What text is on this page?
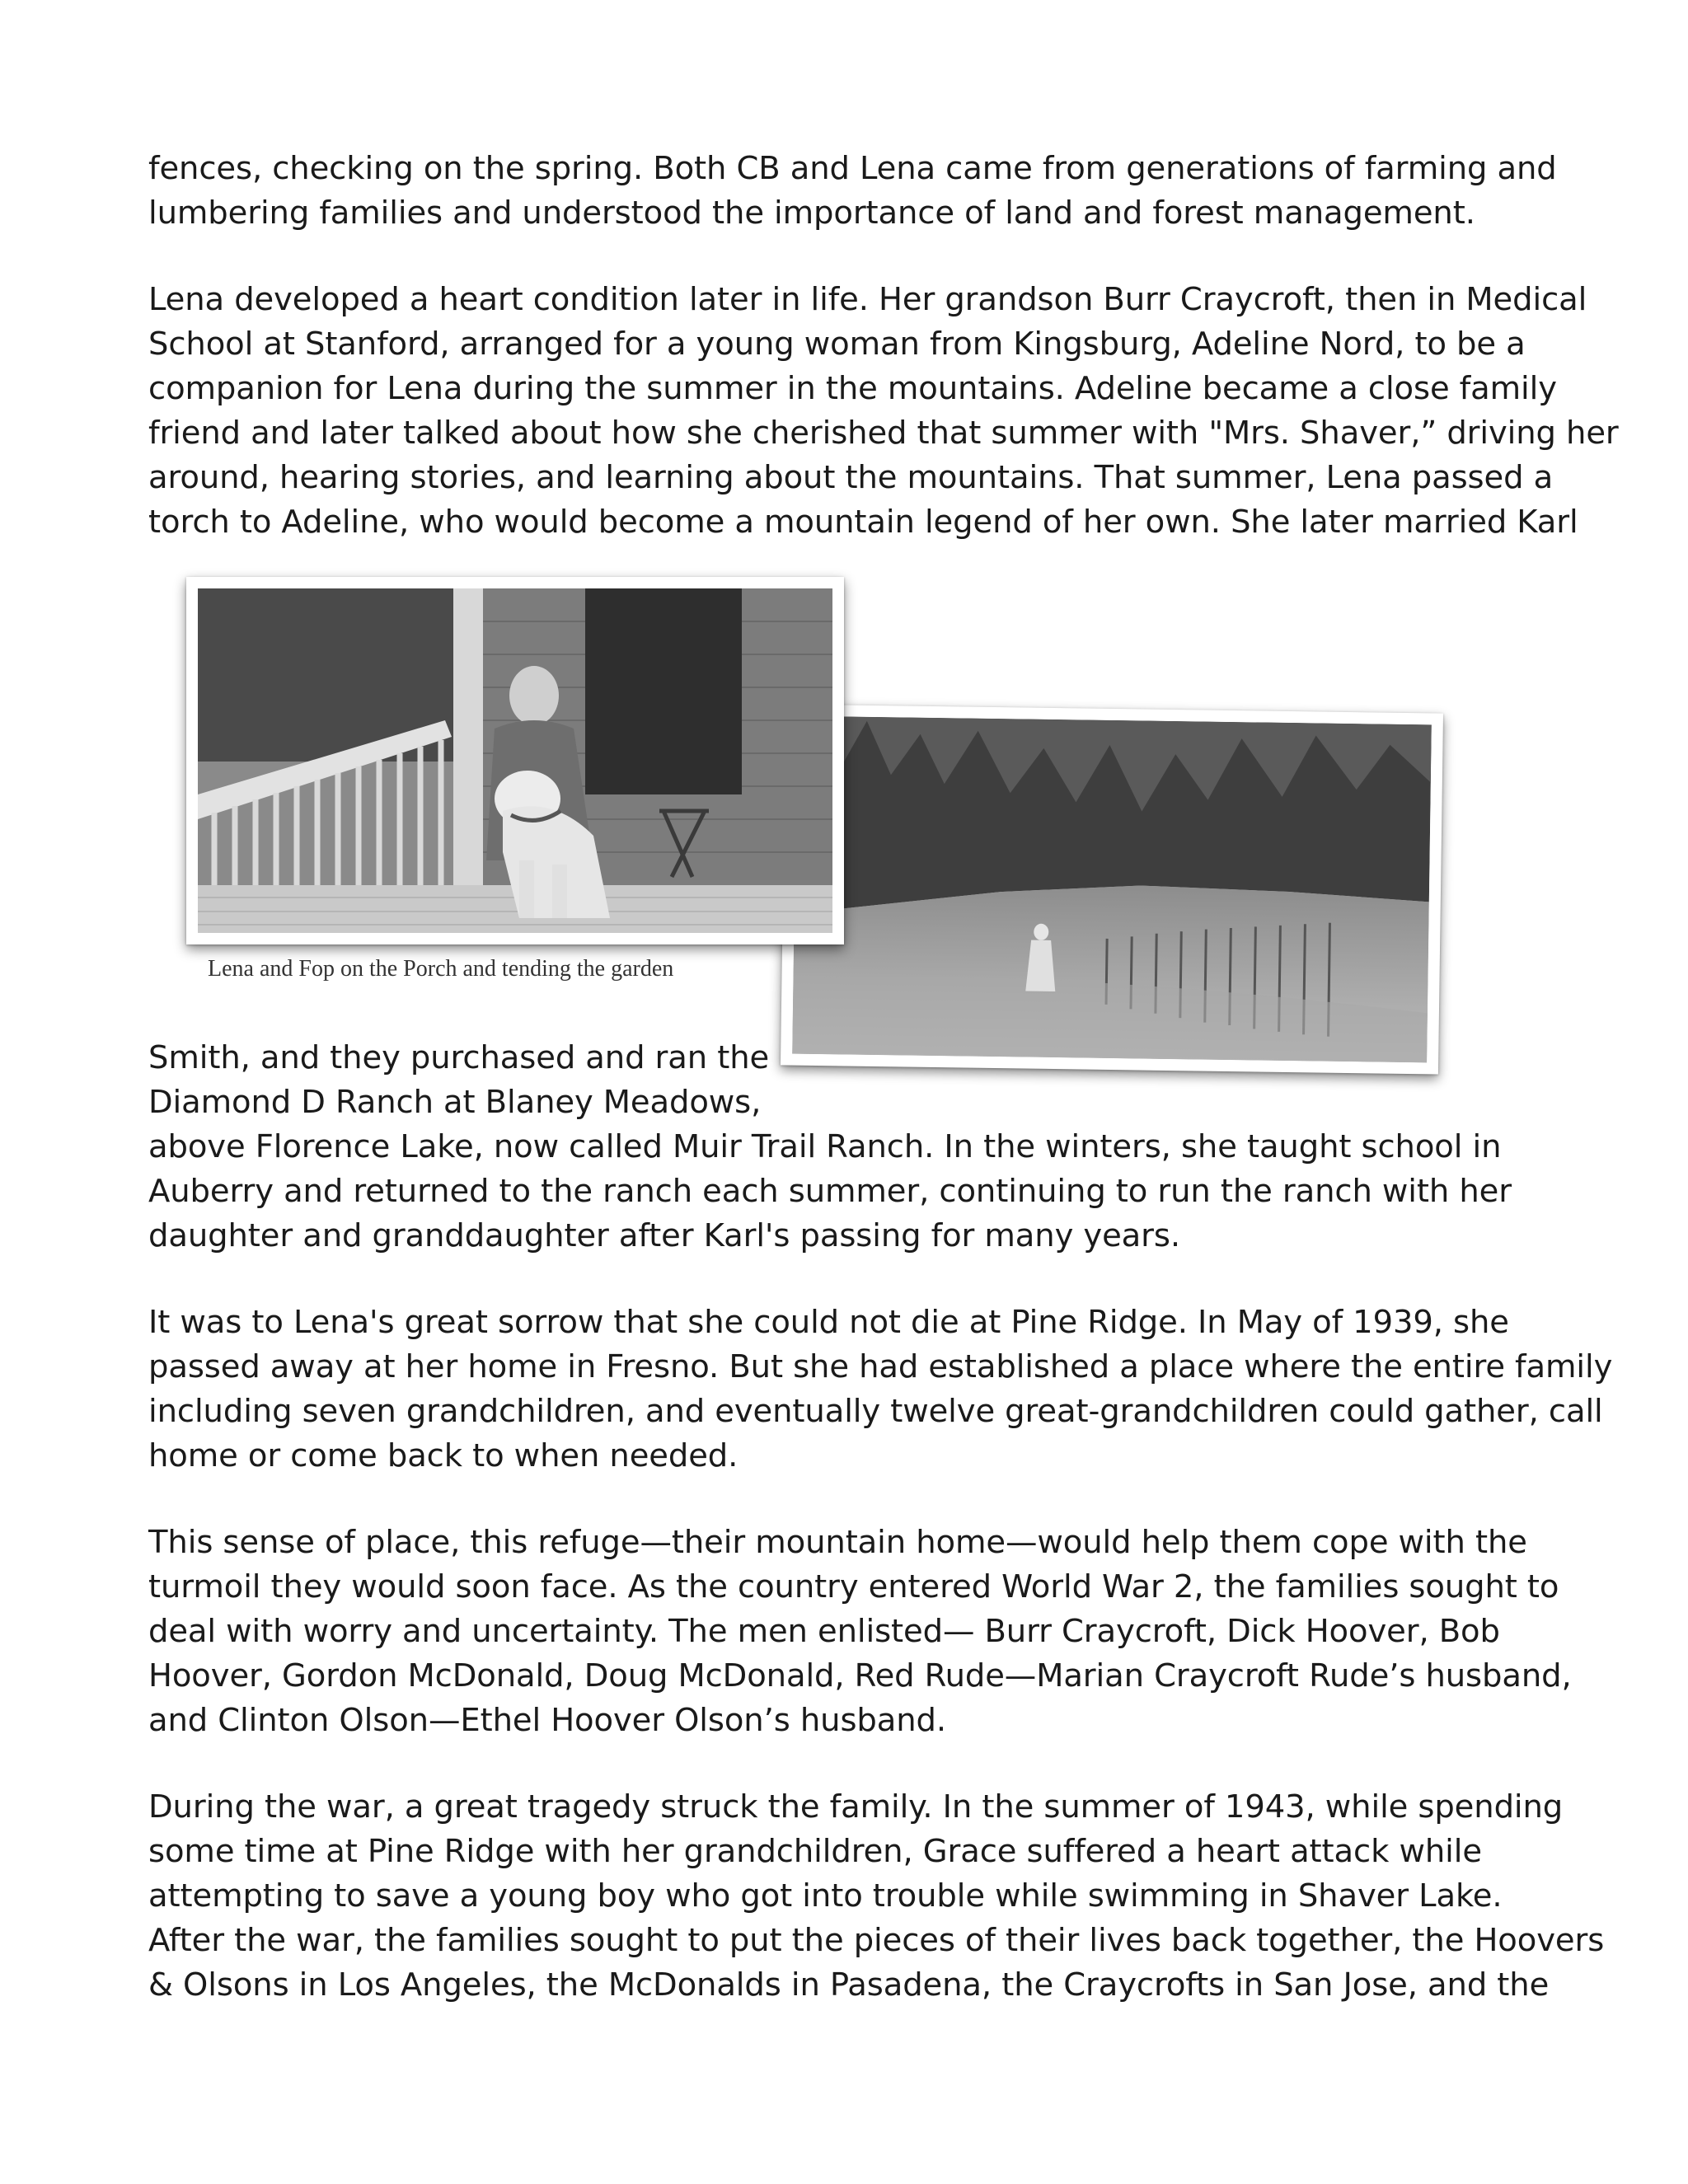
fences, checking on the spring. Both CB and Lena came from generations of farming and
lumbering families and understood the importance of land and forest management.
Lena developed a heart condition later in life. Her grandson Burr Craycroft, then in Medical
School at Stanford, arranged for a young woman from Kingsburg, Adeline Nord, to be a
companion for Lena during the summer in the mountains. Adeline became a close family
friend and later talked about how she cherished that summer with "Mrs. Shaver,” driving her
around, hearing stories, and learning about the mountains. That summer, Lena passed a
torch to Adeline, who would become a mountain legend of her own. She later married Karl
Lena and Fop on the Porch and tending the garden
Smith, and they purchased and ran the
Diamond D Ranch at Blaney Meadows,
above Florence Lake, now called Muir Trail Ranch. In the winters, she taught school in
Auberry and returned to the ranch each summer, continuing to run the ranch with her
daughter and granddaughter after Karl's passing for many years.
It was to Lena's great sorrow that she could not die at Pine Ridge. In May of 1939, she
passed away at her home in Fresno. But she had established a place where the entire family
including seven grandchildren, and eventually twelve great-grandchildren could gather, call
home or come back to when needed.
This sense of place, this refuge—their mountain home—would help them cope with the
turmoil they would soon face. As the country entered World War 2, the families sought to
deal with worry and uncertainty. The men enlisted— Burr Craycroft, Dick Hoover, Bob
Hoover, Gordon McDonald, Doug McDonald, Red Rude—Marian Craycroft Rude’s husband,
and Clinton Olson—Ethel Hoover Olson’s husband.
During the war, a great tragedy struck the family. In the summer of 1943, while spending
some time at Pine Ridge with her grandchildren, Grace suffered a heart attack while
attempting to save a young boy who got into trouble while swimming in Shaver Lake.
After the war, the families sought to put the pieces of their lives back together, the Hoovers
& Olsons in Los Angeles, the McDonalds in Pasadena, the Craycrofts in San Jose, and the
